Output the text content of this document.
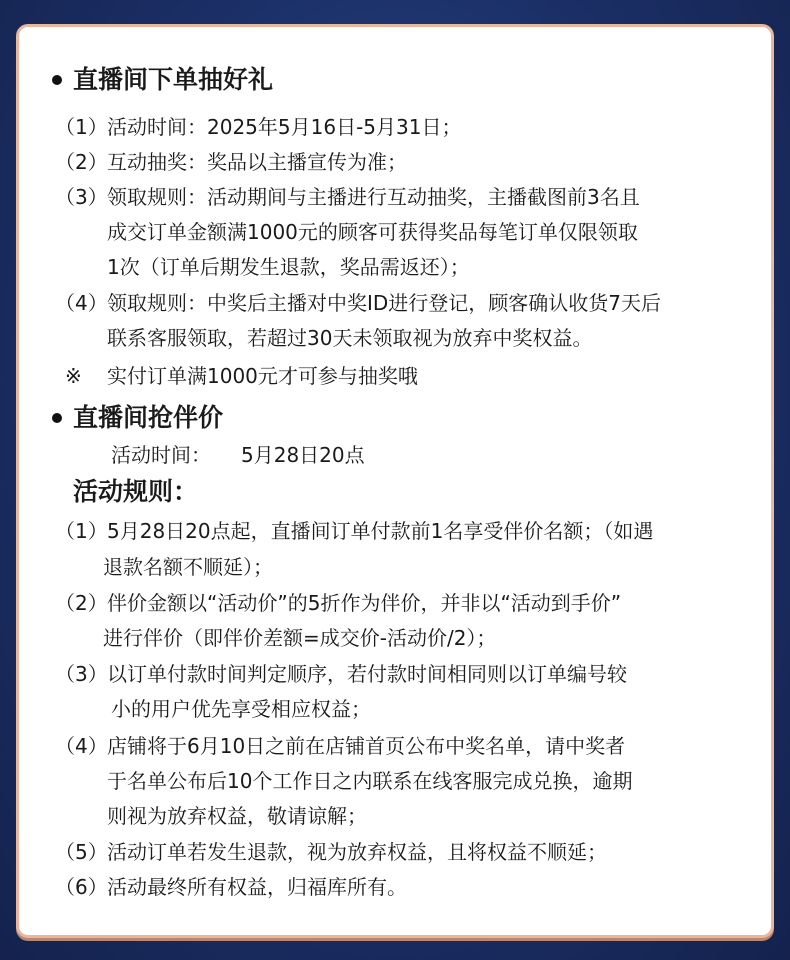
直播间下单抽好礼
（1） 活动时间：2025年5月16日-5月31日；
（2） 互动抽奖：奖品以主播宣传为准；
（3） 领取规则：活动期间与主播进行互动抽奖，主播截图前3名且
成交订单金额满1000元的顾客可获得奖品每笔订单仅限领取
1次（订单后期发生退款，奖品需返还）；
（4） 领取规则：中奖后主播对中奖ID进行登记，顾客确认收货7天后
联系客服领取，若超过30天未领取视为放弃中奖权益。
※ 实付订单满1000元才可参与抽奖哦
直播间抢伴价
活动时间： 5月28日20点
活动规则：
（1） 5月28日20点起，直播间订单付款前1名享受伴价名额；（如遇
退款名额不顺延）；
（2） 伴价金额以“活动价”的5折作为伴价，并非以“活动到手价”
进行伴价（即伴价差额=成交价-活动价/2）；
（3） 以订单付款时间判定顺序，若付款时间相同则以订单编号较
小的用户优先享受相应权益；
（4） 店铺将于6月10日之前在店铺首页公布中奖名单，请中奖者
于名单公布后10个工作日之内联系在线客服完成兑换，逾期
则视为放弃权益，敬请谅解；
（5） 活动订单若发生退款，视为放弃权益，且将权益不顺延；
（6） 活动最终所有权益，归福库所有。
